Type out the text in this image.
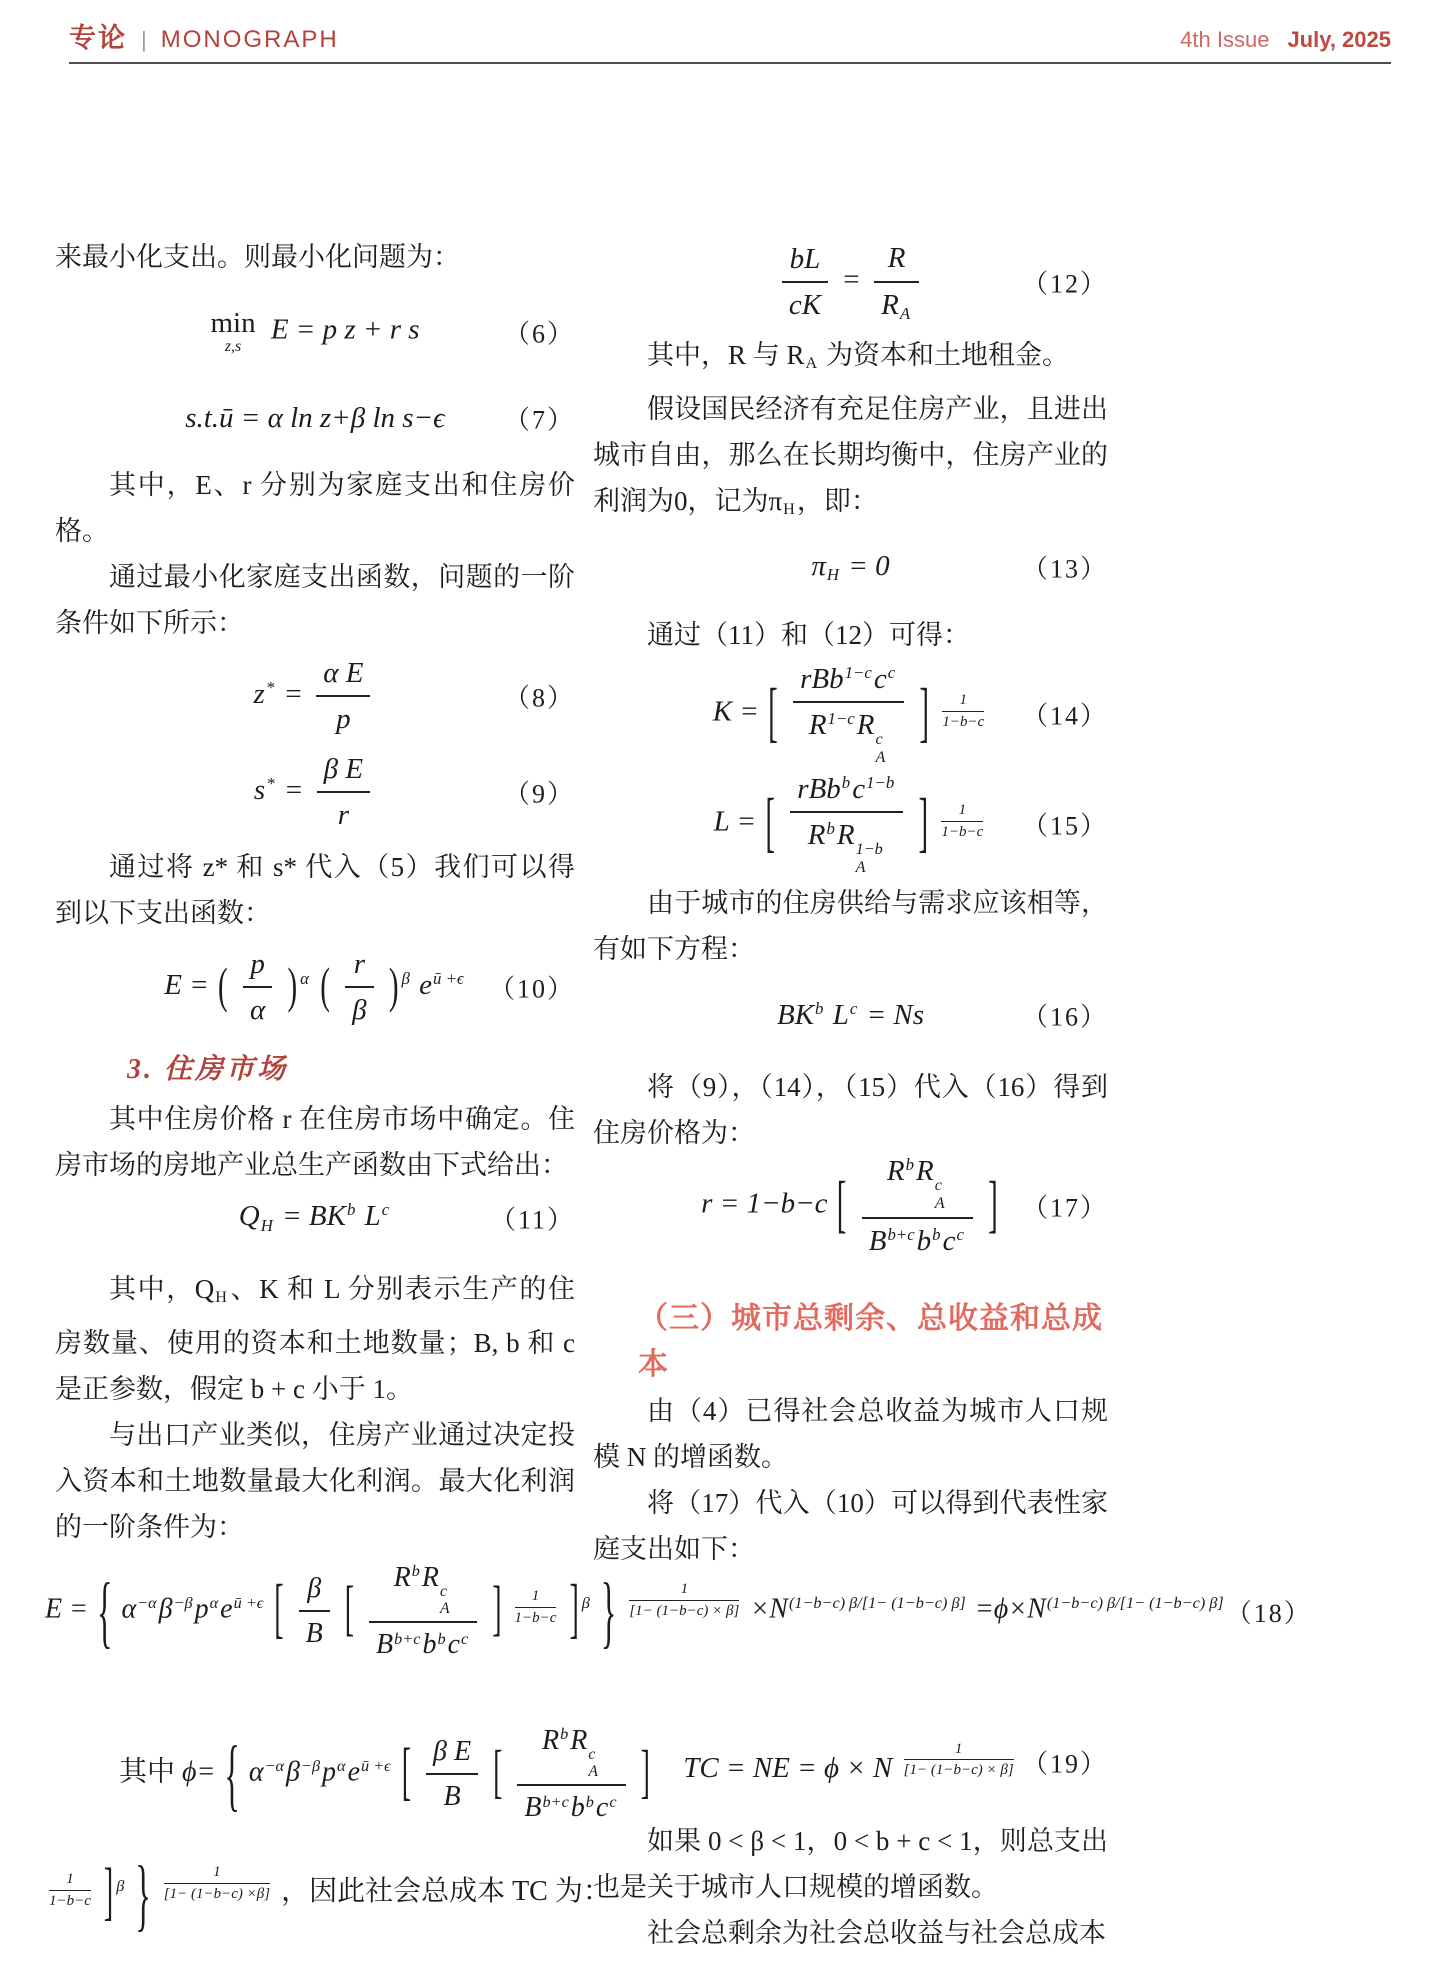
专论 | MONOGRAPH	4th Issue July, 2025

来最小化支出。则最小化问题为：

min
z,s
E = p z + r s	（6）
s.t.ū = α ln z+β ln s−ϵ （7）

其中，E、r 分别为家庭支出和住房价格。

通过最小化家庭支出函数，问题的一阶条件如下所示：

$z^* = \frac{\text{α E}}{p}$	（8）
$s^* = \frac{\text{β E}}{r}$	（9）

通过将 z* 和 s* 代入（5）我们可以得到以下支出函数：

E = ( $\frac{p}{\alpha}$ ) $^\alpha$ ( $\frac{r}{\beta}$ ) $^\beta$ $e^{ū +\epsilon}$ （10）
3. 住房市场

其中住房价格 r 在住房市场中确定。住房市场的房地产业总生产函数由下式给出：

$Q_H = BK^b$ $L^c$	（11）

其中，$Q_H$、K 和 L 分别表示生产的住房数量、使用的资本和土地数量；B, b 和 c 是正参数，假定 b + c 小于 1。

与出口产业类似，住房产业通过决定投入资本和土地数量最大化利润。最大化利润的一阶条件为：

$\frac{bL}{cK} = \frac{R}{R_A}$	（12）

其中，R 与 $R_A$ 为资本和土地租金。

假设国民经济有充足住房产业，且进出城市自由，那么在长期均衡中，住房产业的利润为0，记为$\pi_H$，即：

$\pi_H = 0$	（13）

通过（11）和（12）可得：

K = [ $rBb^{1-c}c^c$
$R^{1-c}R$ c
A
] $\frac{1}{1-b-c} (14)$
L = [ $rBb^bc^{1-b}$
$R^bR$ 1−b
A
] $\frac{1}{1-b-c} (15)$

由于城市的住房供给与需求应该相等，有如下方程：

$BK^b$ $L^c = Ns$	（16）

将（9），（14），（15）代入（16）得到住房价格为：

r = 1−b−c [	$R^bR$ c
A
$B^{b+c}b^bc^c$ ] （17）
（三）城市总剩余、总收益和总成本

由（4）已得社会总收益为城市人口规模 N 的增函数。

将（17）代入（10）可以得到代表性家庭支出如下：

E = { $\alpha^{-\alpha}\beta^{-\beta}p^\alpha e^{ū +\epsilon}$ [ $\frac{\beta}{B}$ [	$R^bR$ c
A
$B^{b+c}b^bc^c$ ] $\frac{1}{1-b-c}$ ] $^\beta$ } $\frac{1}{[1- (1-b-c) \times \beta]} \times N^{(1-b-c) \beta/[1- (1-b-c) \beta]} =\phi\times N^{(1-b-c) \beta/[1- (1-b-c) \beta]}$ （18）
其中 ϕ= { $\alpha^{-\alpha}\beta^{-\beta}p^\alpha e^{ū +\epsilon}$ [ $\frac{\text{β E}}{B}$ [
$R^bR$ c
A
$B^{b+c}b^bc^c$ ]
$\frac{1}{1-b-c}$ ] $^\beta$ } $\frac{1}{[1- (1-b-c) \times\beta]}$ ，因此社会总成本 TC 为：
TC = NE = ϕ × N $\frac{1}{[1- (1-b-c) \times \beta]} (19)$

如果 0 < β < 1，0 < b + c < 1，则总支出也是关于城市人口规模的增函数。

社会总剩余为社会总收益与社会总成本
